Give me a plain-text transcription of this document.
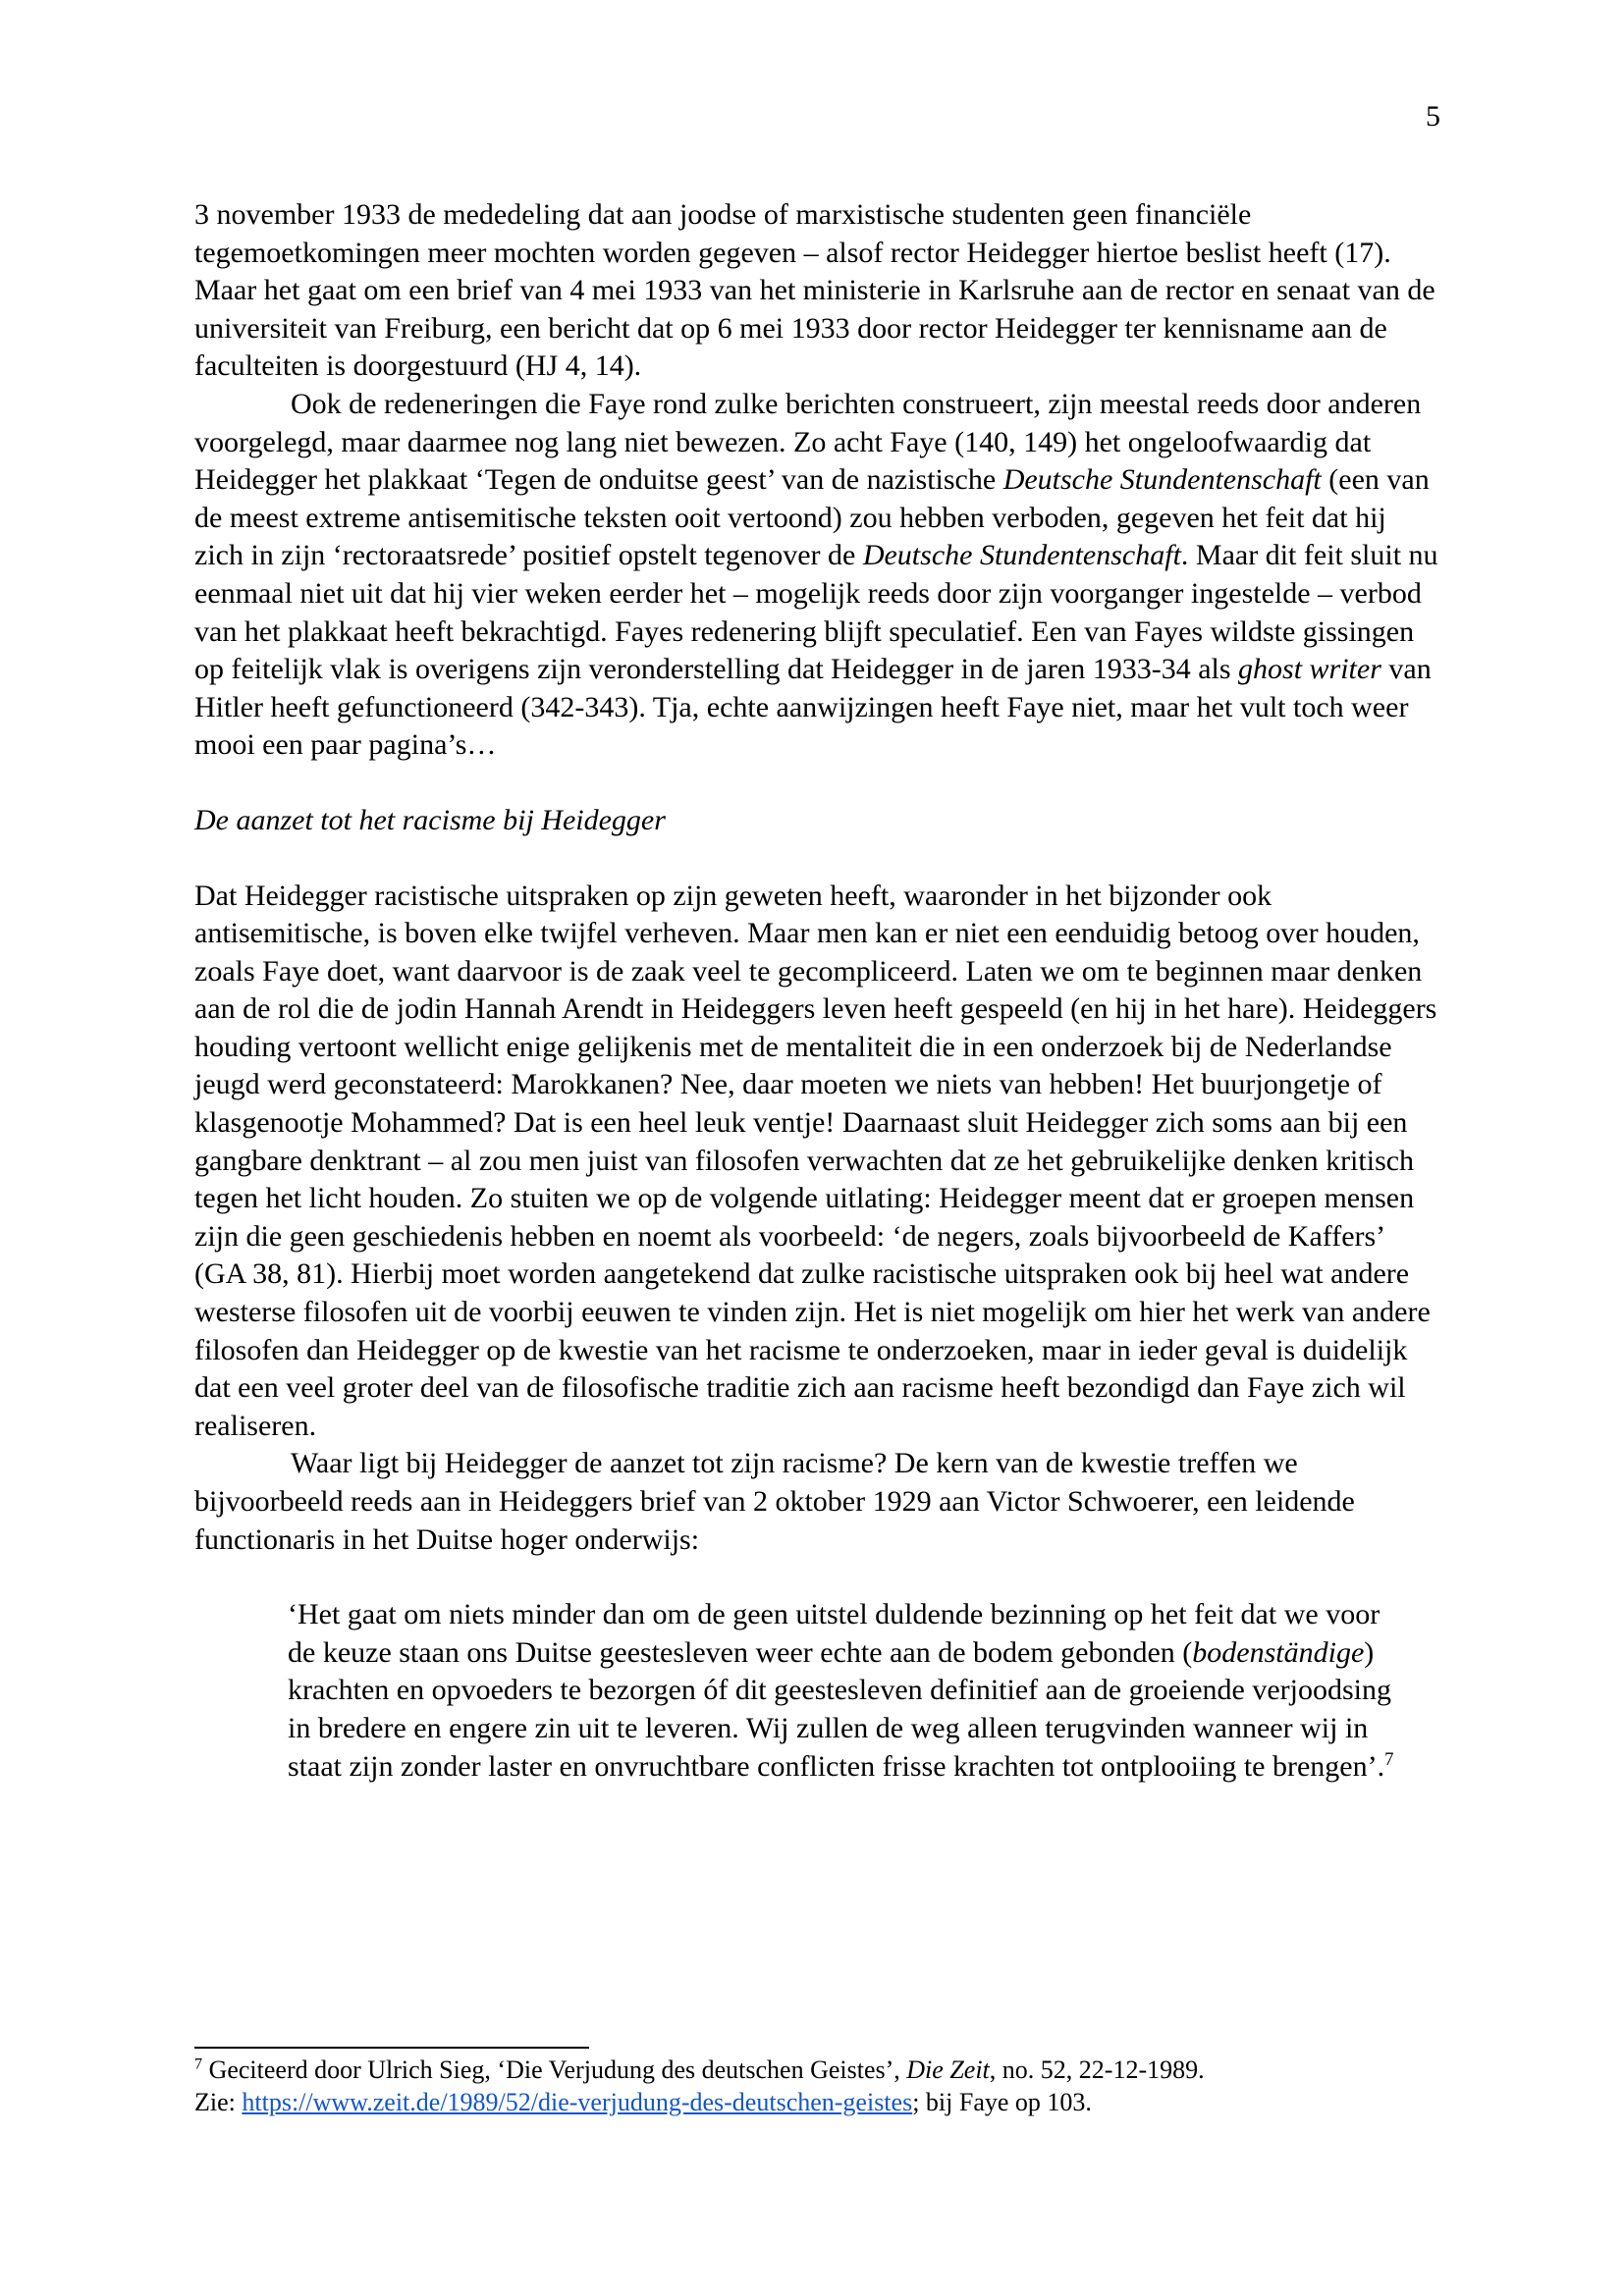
5

3 november 1933 de mededeling dat aan joodse of marxistische studenten geen financiële tegemoetkomingen meer mochten worden gegeven – alsof rector Heidegger hiertoe beslist heeft (17). Maar het gaat om een brief van 4 mei 1933 van het ministerie in Karlsruhe aan de rector en senaat van de universiteit van Freiburg, een bericht dat op 6 mei 1933 door rector Heidegger ter kennisname aan de faculteiten is doorgestuurd (HJ 4, 14).

Ook de redeneringen die Faye rond zulke berichten construeert, zijn meestal reeds door anderen voorgelegd, maar daarmee nog lang niet bewezen. Zo acht Faye (140, 149) het ongeloofwaardig dat Heidegger het plakkaat ‘Tegen de onduitse geest’ van de nazistische Deutsche Stundentenschaft (een van de meest extreme antisemitische teksten ooit vertoond) zou hebben verboden, gegeven het feit dat hij zich in zijn ‘rectoraatsrede’ positief opstelt tegenover de Deutsche Stundentenschaft. Maar dit feit sluit nu eenmaal niet uit dat hij vier weken eerder het – mogelijk reeds door zijn voorganger ingestelde – verbod van het plakkaat heeft bekrachtigd. Fayes redenering blijft speculatief. Een van Fayes wildste gissingen op feitelijk vlak is overigens zijn veronderstelling dat Heidegger in de jaren 1933-34 als ghost writer van Hitler heeft gefunctioneerd (342-343). Tja, echte aanwijzingen heeft Faye niet, maar het vult toch weer mooi een paar pagina’s…

De aanzet tot het racisme bij Heidegger

Dat Heidegger racistische uitspraken op zijn geweten heeft, waaronder in het bijzonder ook antisemitische, is boven elke twijfel verheven. Maar men kan er niet een eenduidig betoog over houden, zoals Faye doet, want daarvoor is de zaak veel te gecompliceerd. Laten we om te beginnen maar denken aan de rol die de jodin Hannah Arendt in Heideggers leven heeft gespeeld (en hij in het hare). Heideggers houding vertoont wellicht enige gelijkenis met de mentaliteit die in een onderzoek bij de Nederlandse jeugd werd geconstateerd: Marokkanen? Nee, daar moeten we niets van hebben! Het buurjongetje of klasgenootje Mohammed? Dat is een heel leuk ventje! Daarnaast sluit Heidegger zich soms aan bij een gangbare denktrant – al zou men juist van filosofen verwachten dat ze het gebruikelijke denken kritisch tegen het licht houden. Zo stuiten we op de volgende uitlating: Heidegger meent dat er groepen mensen zijn die geen geschiedenis hebben en noemt als voorbeeld: ‘de negers, zoals bijvoorbeeld de Kaffers’ (GA 38, 81). Hierbij moet worden aangetekend dat zulke racistische uitspraken ook bij heel wat andere westerse filosofen uit de voorbij eeuwen te vinden zijn. Het is niet mogelijk om hier het werk van andere filosofen dan Heidegger op de kwestie van het racisme te onderzoeken, maar in ieder geval is duidelijk dat een veel groter deel van de filosofische traditie zich aan racisme heeft bezondigd dan Faye zich wil realiseren.

Waar ligt bij Heidegger de aanzet tot zijn racisme? De kern van de kwestie treffen we bijvoorbeeld reeds aan in Heideggers brief van 2 oktober 1929 aan Victor Schwoerer, een leidende functionaris in het Duitse hoger onderwijs:

‘Het gaat om niets minder dan om de geen uitstel duldende bezinning op het feit dat we voor de keuze staan ons Duitse geestesleven weer echte aan de bodem gebonden (bodenständige) krachten en opvoeders te bezorgen óf dit geestesleven definitief aan de groeiende verjoodsing in bredere en engere zin uit te leveren. Wij zullen de weg alleen terugvinden wanneer wij in staat zijn zonder laster en onvruchtbare conflicten frisse krachten tot ontplooiing te brengen’.$^7$

$^7$ Geciteerd door Ulrich Sieg, ‘Die Verjudung des deutschen Geistes’, Die Zeit, no. 52, 22-12-1989.
Zie: https://www.zeit.de/1989/52/die-verjudung-des-deutschen-geistes; bij Faye op 103.
